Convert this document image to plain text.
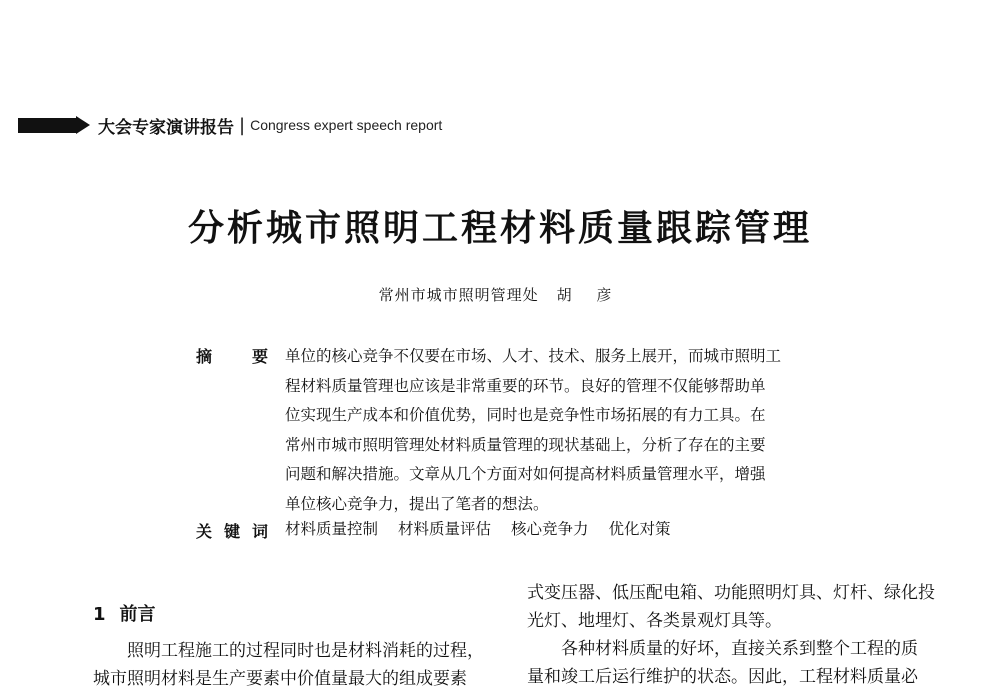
大会专家演讲报告 | Congress expert speech report
分析城市照明工程材料质量跟踪管理
常州市城市照明管理处 胡 彦
摘 要 单位的核心竞争不仅要在市场、人才、技术、服务上展开，而城市照明工
程材料质量管理也应该是非常重要的环节。良好的管理不仅能够帮助单
位实现生产成本和价值优势，同时也是竞争性市场拓展的有力工具。在
常州市城市照明管理处材料质量管理的现状基础上，分析了存在的主要
问题和解决措施。文章从几个方面对如何提高材料质量管理水平，增强
单位核心竞争力，提出了笔者的想法。
关 键 词 材料质量控制 材料质量评估 核心竞争力 优化对策
1 前言
照明工程施工的过程同时也是材料消耗的过程，
城市照明材料是生产要素中价值量最大的组成要素
式变压器、低压配电箱、功能照明灯具、灯杆、绿化投
光灯、地埋灯、各类景观灯具等。
各种材料质量的好坏，直接关系到整个工程的质
量和竣工后运行维护的状态。因此，工程材料质量必
